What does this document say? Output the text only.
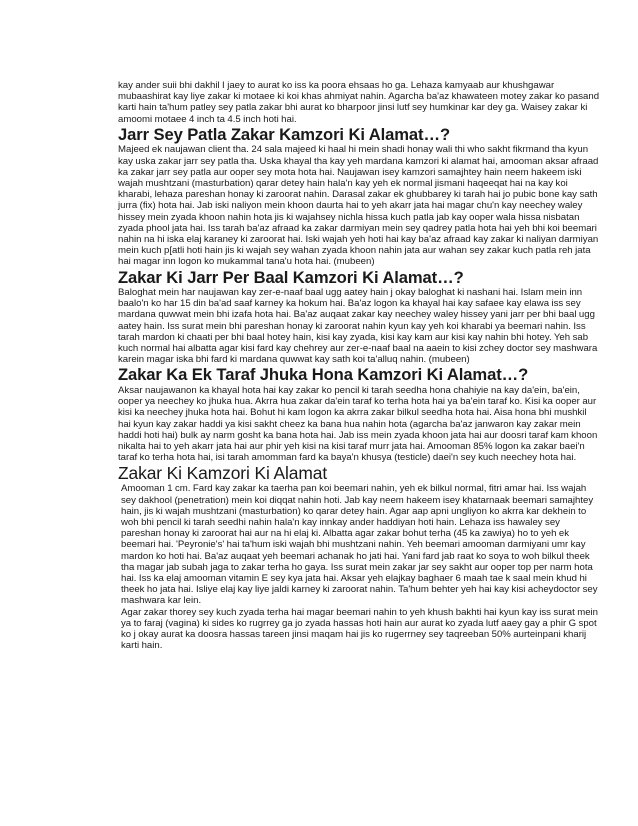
kay ander suii bhi dakhil I jaey to aurat ko iss ka poora ehsaas ho ga. Lehaza kamyaab aur khushgawar mubaashirat kay liye zakar ki motaee ki koi khas ahmiyat nahin. Agarcha ba'az khawateen motey zakar ko pasand karti hain ta'hum patley sey patla zakar bhi aurat ko bharpoor jinsi lutf sey humkinar kar dey ga. Waisey zakar ki amoomi motaee 4 inch ta 4.5 inch hoti hai.

Jarr Sey Patla Zakar Kamzori Ki Alamat…?

Majeed ek naujawan client tha. 24 sala majeed ki haal hi mein shadi honay wali thi who sakht fikrmand tha kyun kay uska zakar jarr sey patla tha. Uska khayal tha kay yeh mardana kamzori ki alamat hai, amooman aksar afraad ka zakar jarr sey patla aur ooper sey mota hota hai. Naujawan isey kamzori samajhtey hain neem hakeem iski wajah mushtzani (masturbation) qarar detey hain hala'n kay yeh ek normal jismani haqeeqat hai na kay koi kharabi, lehaza pareshan honay ki zaroorat nahin. Darasal zakar ek ghubbarey ki tarah hai jo pubic bone kay sath jurra (fix) hota hai. Jab iski naliyon mein khoon daurta hai to yeh akarr jata hai magar chu'n kay neechey waley hissey mein zyada khoon nahin hota jis ki wajahsey nichla hissa kuch patla jab kay ooper wala hissa nisbatan zyada phool jata hai. Iss tarah ba'az afraad ka zakar darmiyan mein sey qadrey patla hota hai yeh bhi koi beemari nahin na hi iska elaj karaney ki zaroorat hai. Iski wajah yeh hoti hai kay ba'az afraad kay zakar ki naliyan darmiyan mein kuch p[atli hoti hain jis ki wajah sey wahan zyada khoon nahin jata aur wahan sey zakar kuch patla reh jata hai magar inn logon ko mukammal tana'u hota hai. (mubeen)

Zakar Ki Jarr Per Baal Kamzori Ki Alamat…?

Baloghat mein har naujawan kay zer-e-naaf baal ugg aatey hain j okay baloghat ki nashani hai. Islam mein inn baalo'n ko har 15 din ba'ad saaf karney ka hokum hai. Ba'az logon ka khayal hai kay safaee kay elawa iss sey mardana quwwat mein bhi izafa hota hai. Ba'az auqaat zakar kay neechey waley hissey yani jarr per bhi baal ugg aatey hain. Iss surat mein bhi pareshan honay ki zaroorat nahin kyun kay yeh koi kharabi ya beemari nahin. Iss tarah mardon ki chaati per bhi baal hotey hain, kisi kay zyada, kisi kay kam aur kisi kay nahin bhi hotey. Yeh sab kuch normal hai albatta agar kisi fard kay chehrey aur zer-e-naaf baal na aaein to kisi zchey doctor sey mashwara karein magar iska bhi fard ki mardana quwwat kay sath koi ta'alluq nahin. (mubeen)

Zakar Ka Ek Taraf Jhuka Hona Kamzori Ki Alamat…?

Aksar naujawanon ka khayal hota hai kay zakar ko pencil ki tarah seedha hona chahiyie na kay da'ein, ba'ein, ooper ya neechey ko jhuka hua. Akrra hua zakar da'ein taraf ko terha hota hai ya ba'ein taraf ko. Kisi ka ooper aur kisi ka neechey jhuka hota hai. Bohut hi kam logon ka akrra zakar bilkul seedha hota hai. Aisa hona bhi mushkil hai kyun kay zakar haddi ya kisi sakht cheez ka bana hua nahin hota (agarcha ba'az janwaron kay zakar mein haddi hoti hai) bulk ay narm gosht ka bana hota hai. Jab iss mein zyada khoon jata hai aur doosri taraf kam khoon nikalta hai to yeh akarr jata hai aur phir yeh kisi na kisi taraf murr jata hai. Amooman 85% logon ka zakar baei'n taraf ko terha hota hai, isi tarah amomman fard ka baya'n khusya (testicle) daei'n sey kuch neechey hota hai.

Zakar Ki Kamzori Ki Alamat

Amooman 1 cm. Fard kay zakar ka taerha pan koi beemari nahin, yeh ek bilkul normal, fitri amar hai. Iss wajah sey dakhool (penetration) mein koi diqqat nahin hoti. Jab kay neem hakeem isey khatarnaak beemari samajhtey hain, jis ki wajah mushtzani (masturbation) ko qarar detey hain. Agar aap apni ungliyon ko akrra kar dekhein to woh bhi pencil ki tarah seedhi nahin hala'n kay innkay ander haddiyan hoti hain. Lehaza iss hawaley sey pareshan honay ki zaroorat hai aur na hi elaj ki. Albatta agar zakar bohut terha (45 ka zawiya) ho to yeh ek beemari hai. 'Peyronie's' hai ta'hum iski wajah bhi mushtzani nahin. Yeh beemari amooman darmiyani umr kay mardon ko hoti hai. Ba'az auqaat yeh beemari achanak ho jati hai. Yani fard jab raat ko soya to woh bilkul theek tha magar jab subah jaga to zakar terha ho gaya. Iss surat mein zakar jar sey sakht aur ooper top per narm hota hai. Iss ka elaj amooman vitamin E sey kya jata hai. Aksar yeh elajkay baghaer 6 maah tae k saal mein khud hi theek ho jata hai. Isliye elaj kay liye jaldi karney ki zaroorat nahin. Ta'hum behter yeh hai kay kisi acheydoctor sey mashwara kar lein.

Agar zakar thorey sey kuch zyada terha hai magar beemari nahin to yeh khush bakhti hai kyun kay iss surat mein ya to faraj (vagina) ki sides ko rugrrey ga jo zyada hassas hoti hain aur aurat ko zyada lutf aaey gay a phir G spot ko j okay aurat ka doosra hassas tareen jinsi maqam hai jis ko rugerrney sey taqreeban 50% aurteinpani kharij karti hain.
